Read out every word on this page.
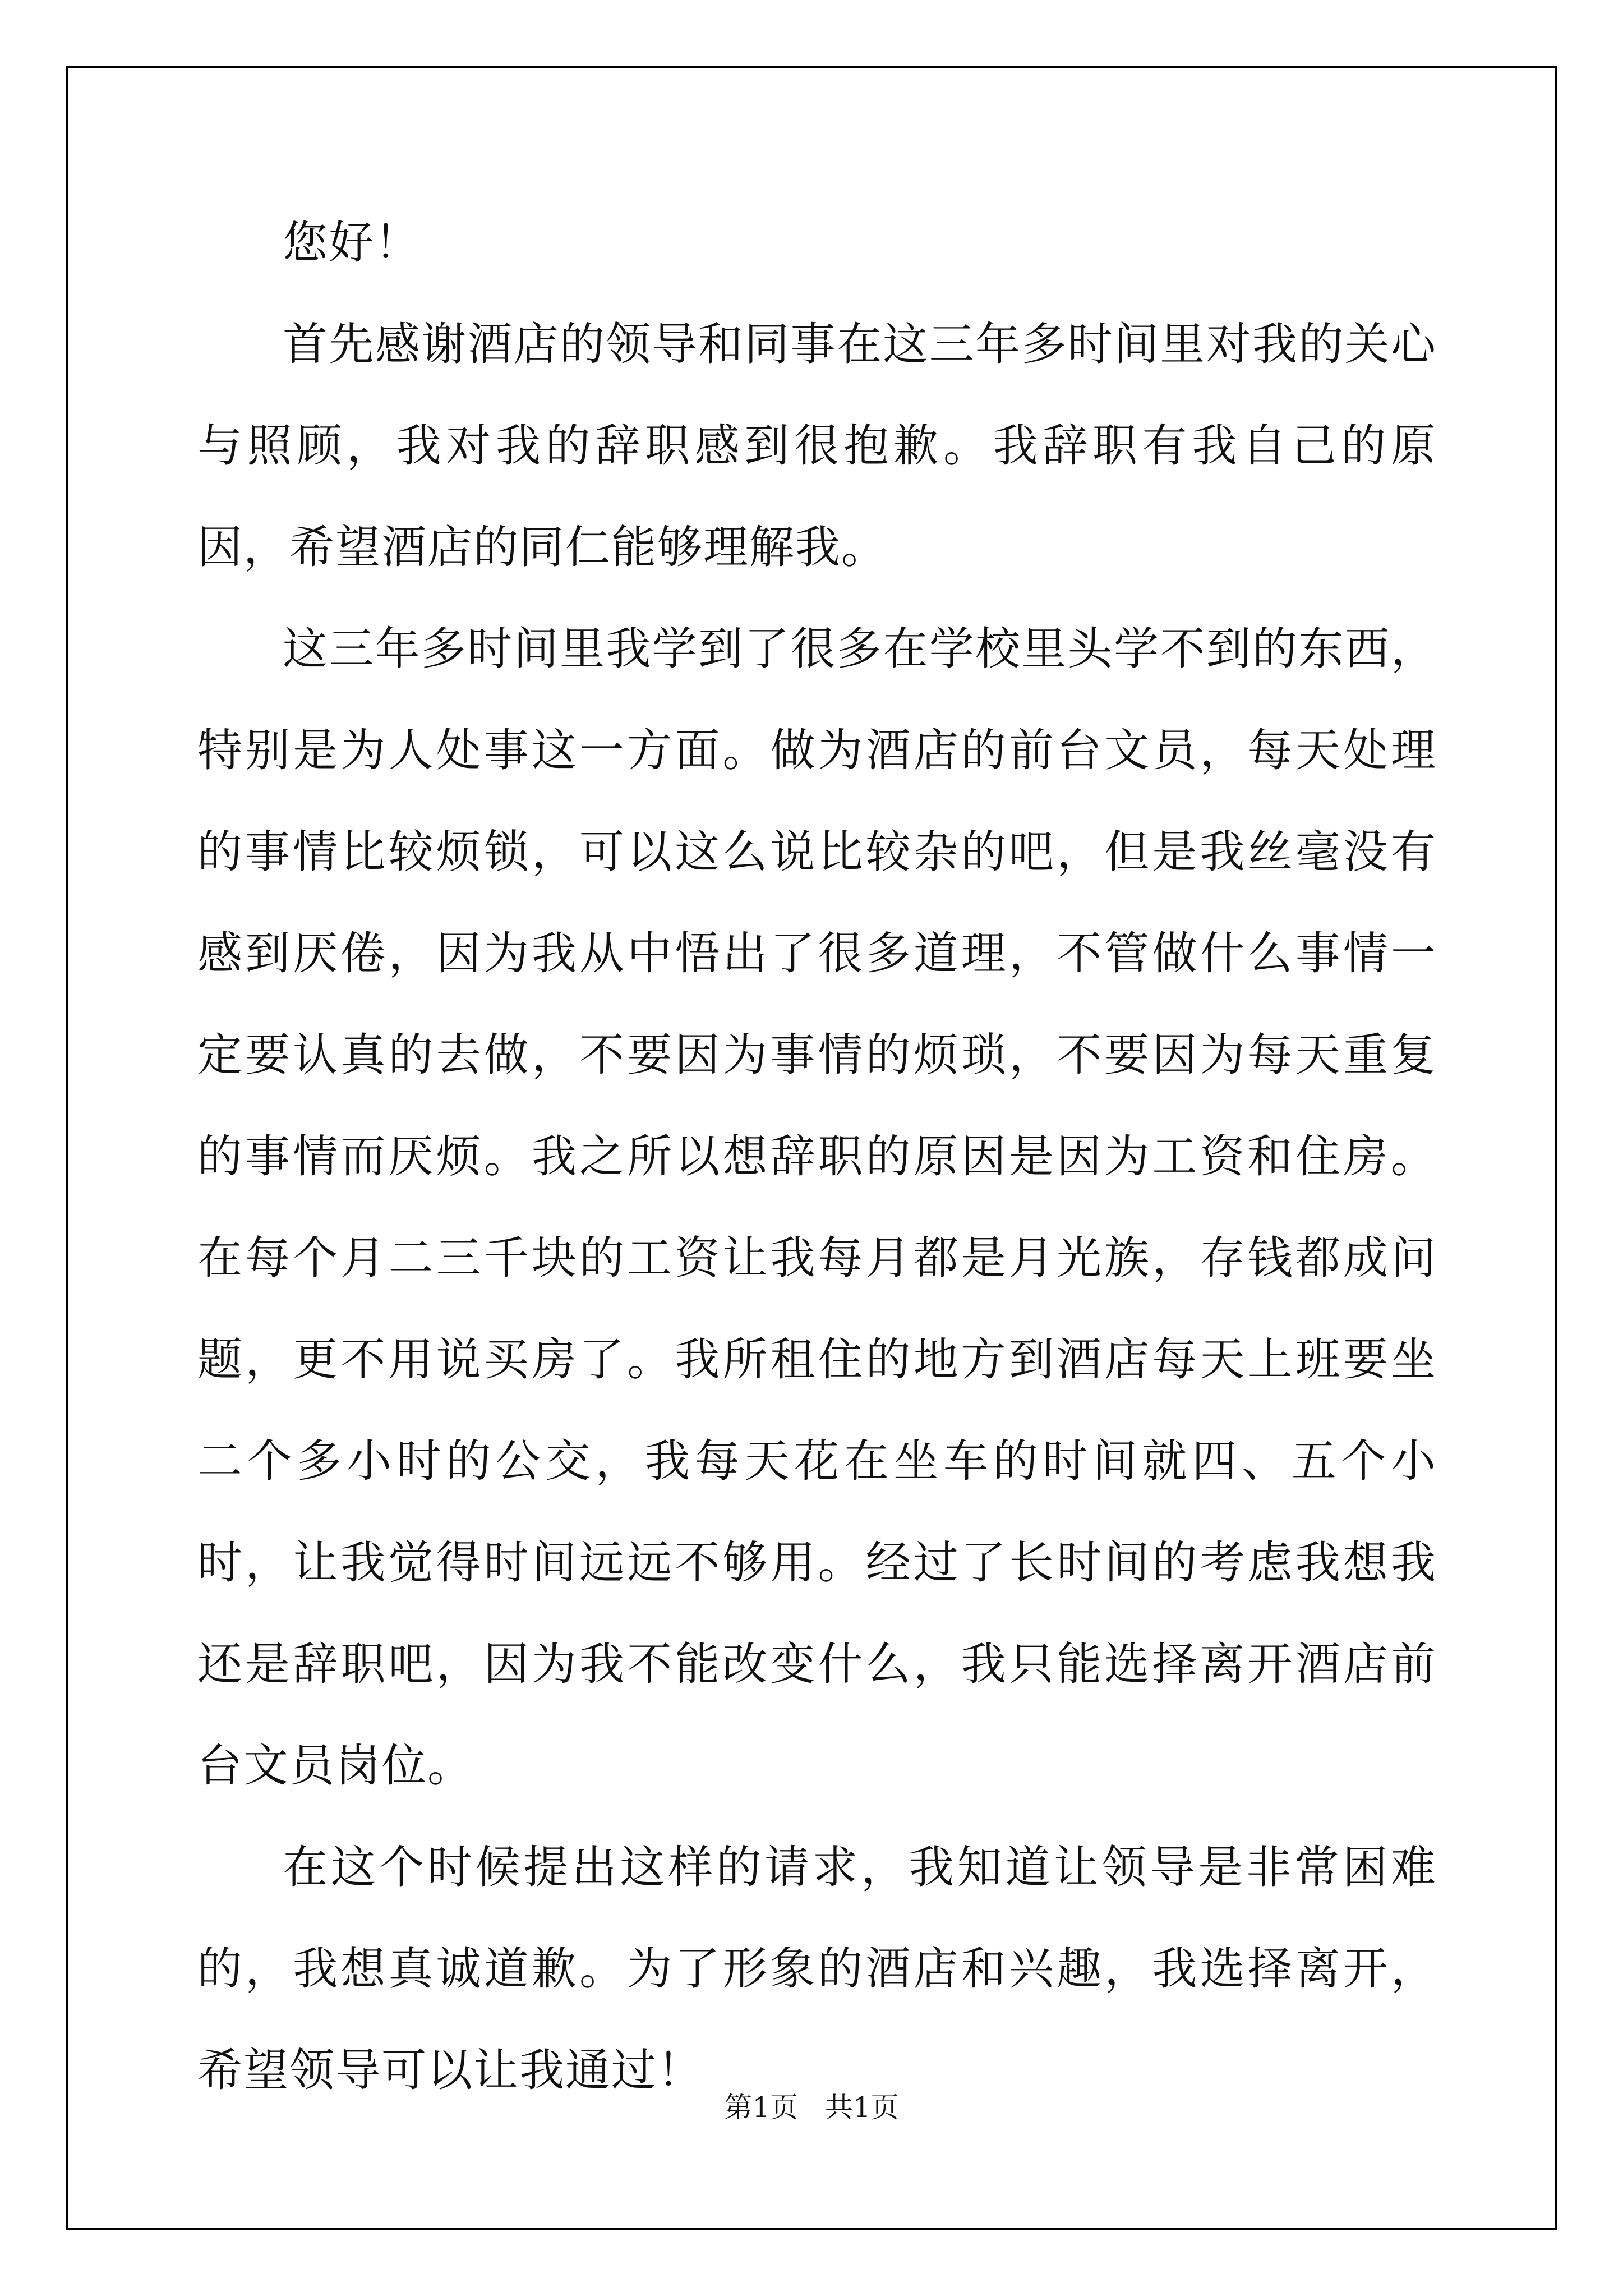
您好！

首先感谢酒店的领导和同事在这三年多时间里对我的关心与照顾，我对我的辞职感到很抱歉。我辞职有我自己的原因，希望酒店的同仁能够理解我。

这三年多时间里我学到了很多在学校里头学不到的东西，特别是为人处事这一方面。做为酒店的前台文员，每天处理的事情比较烦锁，可以这么说比较杂的吧，但是我丝毫没有感到厌倦，因为我从中悟出了很多道理，不管做什么事情一定要认真的去做，不要因为事情的烦琐，不要因为每天重复的事情而厌烦。我之所以想辞职的原因是因为工资和住房。在每个月二三千块的工资让我每月都是月光族，存钱都成问题，更不用说买房了。我所租住的地方到酒店每天上班要坐二个多小时的公交，我每天花在坐车的时间就四、五个小时，让我觉得时间远远不够用。经过了长时间的考虑我想我还是辞职吧，因为我不能改变什么，我只能选择离开酒店前台文员岗位。

在这个时候提出这样的请求，我知道让领导是非常困难的，我想真诚道歉。为了形象的酒店和兴趣，我选择离开，希望领导可以让我通过！

第1页   共1页
